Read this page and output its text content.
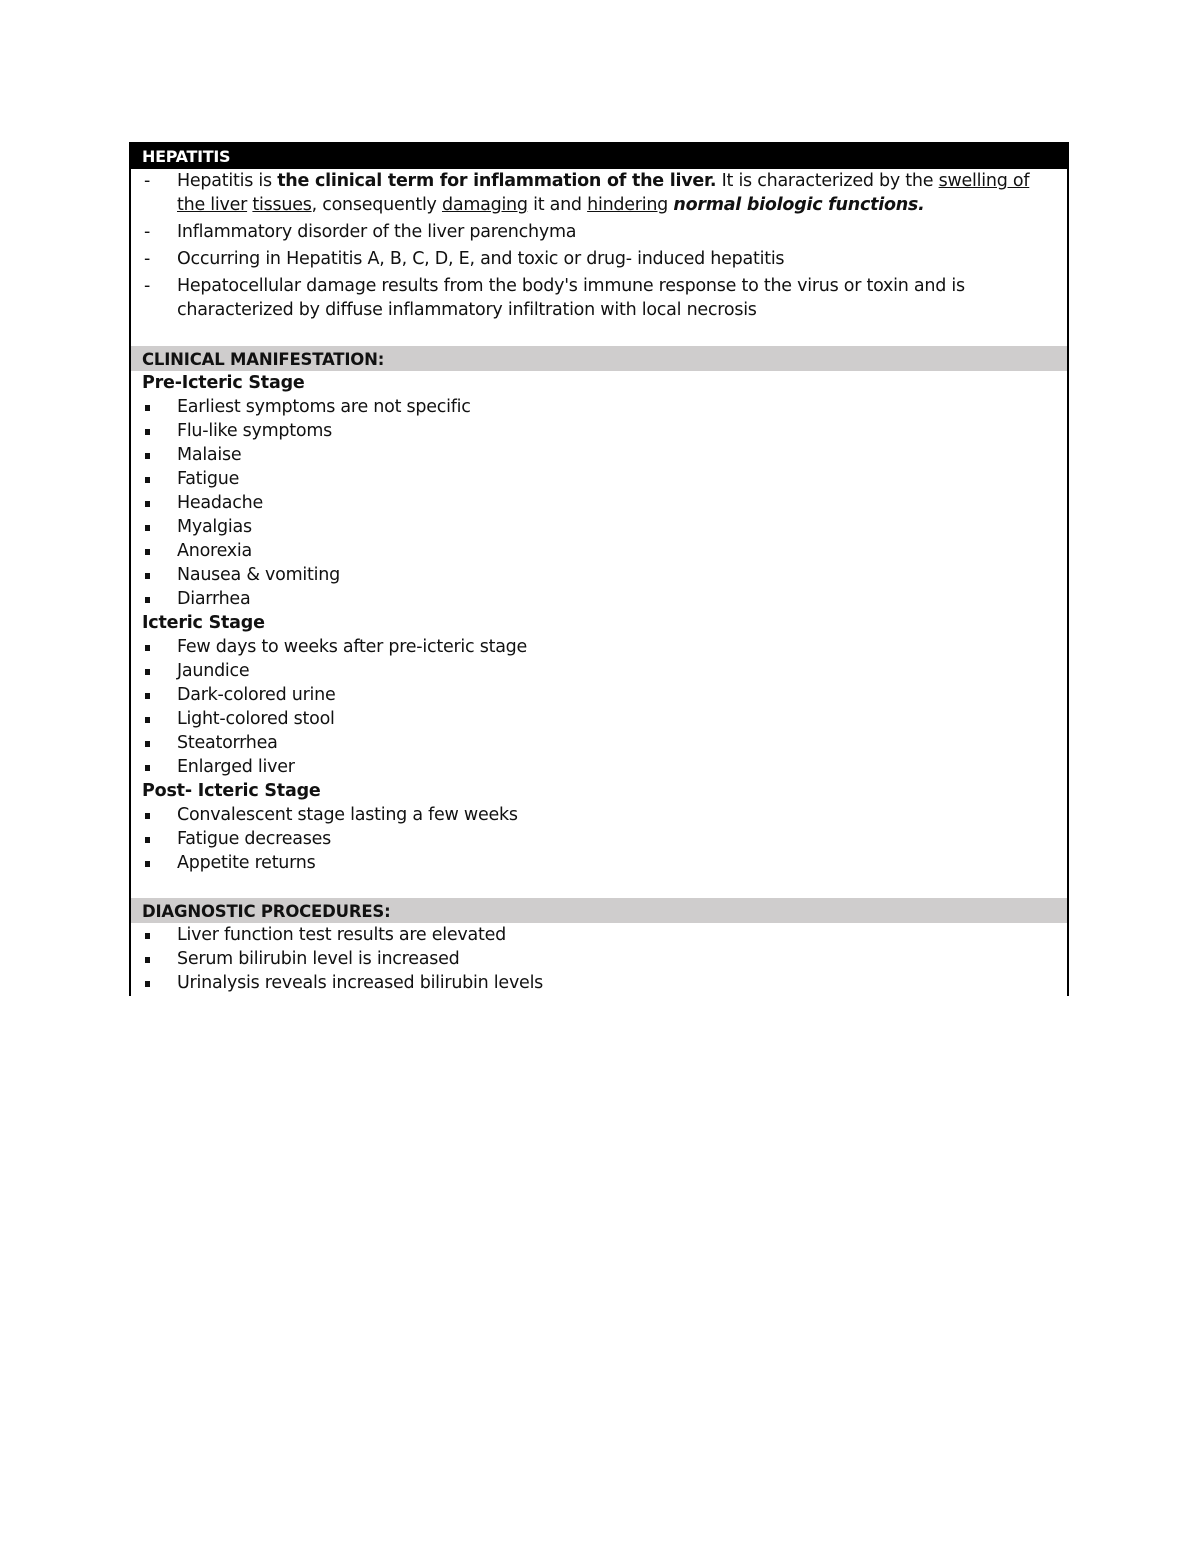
HEPATITIS
- Hepatitis is the clinical term for inflammation of the liver. It is characterized by the swelling of the liver tissues, consequently damaging it and hindering normal biologic functions.
- Inflammatory disorder of the liver parenchyma
- Occurring in Hepatitis A, B, C, D, E, and toxic or drug- induced hepatitis
- Hepatocellular damage results from the body's immune response to the virus or toxin and is characterized by diffuse inflammatory infiltration with local necrosis
CLINICAL MANIFESTATION:
Pre-Icteric Stage
Earliest symptoms are not specific
Flu-like symptoms
Malaise
Fatigue
Headache
Myalgias
Anorexia
Nausea & vomiting
Diarrhea
Icteric Stage
Few days to weeks after pre-icteric stage
Jaundice
Dark-colored urine
Light-colored stool
Steatorrhea
Enlarged liver
Post- Icteric Stage
Convalescent stage lasting a few weeks
Fatigue decreases
Appetite returns
DIAGNOSTIC PROCEDURES:
Liver function test results are elevated
Serum bilirubin level is increased
Urinalysis reveals increased bilirubin levels
